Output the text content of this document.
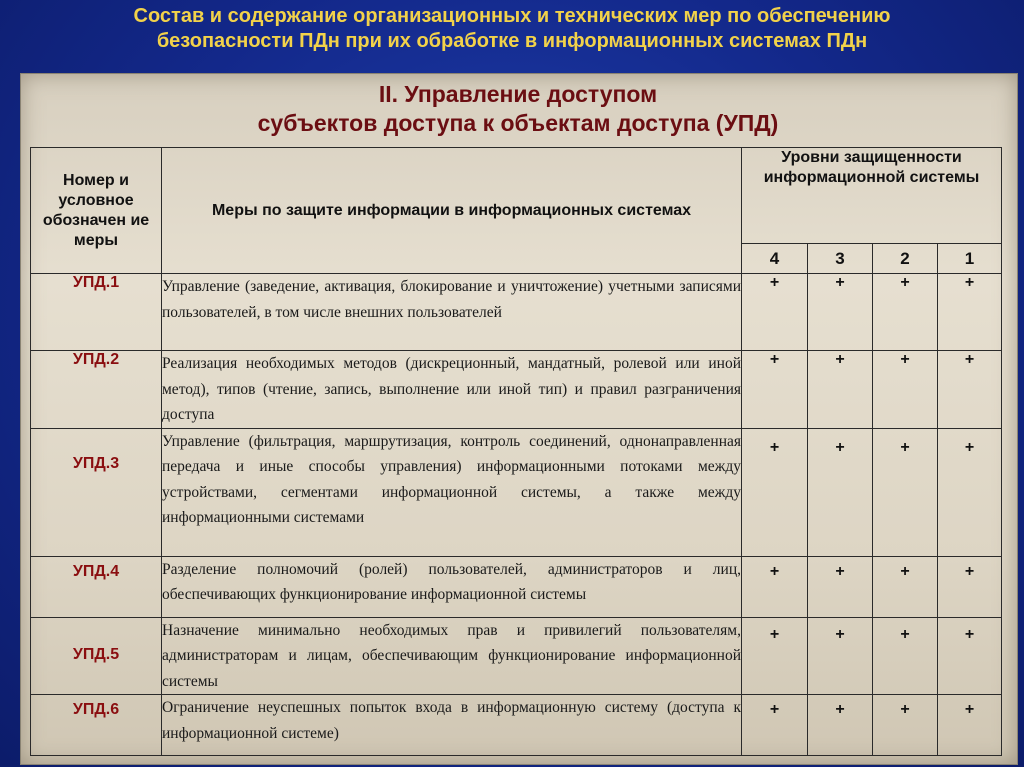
Состав и содержание организационных и технических мер по обеспечению
безопасности ПДн при их обработке в информационных системах ПДн
II. Управление доступом
субъектов доступа к объектам доступа (УПД)
Номер и условное обозначен ие меры	Меры по защите информации в информационных системах	Уровни защищенности информационной системы			
		4	3	2	1
УПД.1	Управление (заведение, активация, блокирование и уничтожение) учетными записями пользователей, в том числе внешних пользователей	+	+	+	+
УПД.2	Реализация необходимых методов (дискреционный, мандатный, ролевой или иной метод), типов (чтение, запись, выполнение или иной тип) и правил разграничения доступа	+	+	+	+
УПД.3	Управление (фильтрация, маршрутизация, контроль соединений, однонаправленная передача и иные способы управления) информационными потоками между устройствами, сегментами информационной системы, а также между информационными системами	+	+	+	+
УПД.4	Разделение полномочий (ролей) пользователей, администраторов и лиц, обеспечивающих функционирование информационной системы	+	+	+	+
УПД.5	Назначение минимально необходимых прав и привилегий пользователям, администраторам и лицам, обеспечивающим функционирование информационной системы	+	+	+	+
УПД.6	Ограничение неуспешных попыток входа в информационную систему (доступа к информационной системе)	+	+	+	+
